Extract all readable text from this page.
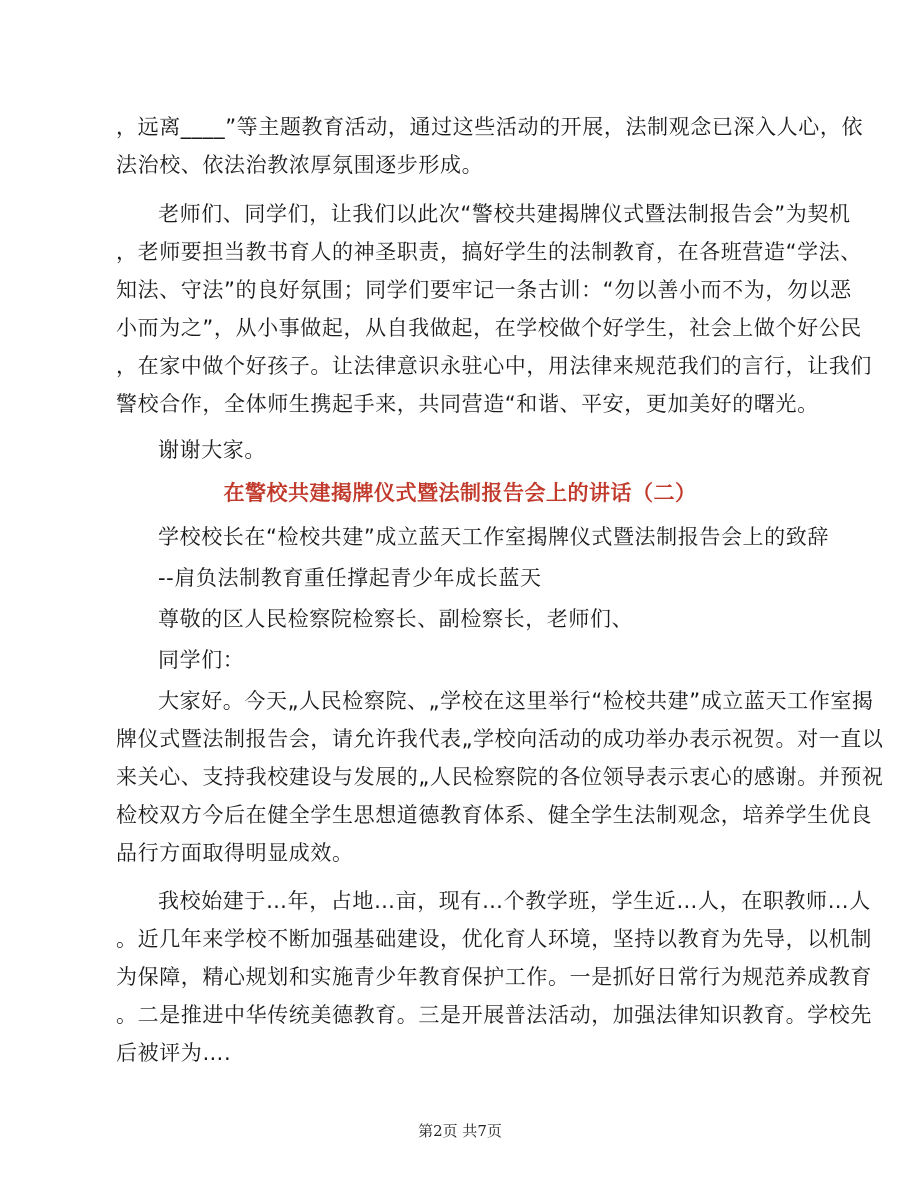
，远离____”等主题教育活动，通过这些活动的开展，法制观念已深入人心，依
法治校、依法治教浓厚氛围逐步形成。
老师们、同学们，让我们以此次“警校共建揭牌仪式暨法制报告会”为契机
，老师要担当教书育人的神圣职责，搞好学生的法制教育，在各班营造“学法、
知法、守法”的良好氛围；同学们要牢记一条古训：“勿以善小而不为，勿以恶
小而为之”，从小事做起，从自我做起，在学校做个好学生，社会上做个好公民
，在家中做个好孩子。让法律意识永驻心中，用法律来规范我们的言行，让我们
警校合作，全体师生携起手来，共同营造“和谐、平安，更加美好的曙光。
谢谢大家。
在警校共建揭牌仪式暨法制报告会上的讲话（二）
学校校长在“检校共建”成立蓝天工作室揭牌仪式暨法制报告会上的致辞
--肩负法制教育重任撑起青少年成长蓝天
尊敬的区人民检察院检察长、副检察长，老师们、
同学们：
大家好。今天„人民检察院、„学校在这里举行“检校共建”成立蓝天工作室揭
牌仪式暨法制报告会，请允许我代表„学校向活动的成功举办表示祝贺。对一直以
来关心、支持我校建设与发展的„人民检察院的各位领导表示衷心的感谢。并预祝
检校双方今后在健全学生思想道德教育体系、健全学生法制观念，培养学生优良
品行方面取得明显成效。
我校始建于…年，占地…亩，现有…个教学班，学生近…人，在职教师…人
。近几年来学校不断加强基础建设，优化育人环境，坚持以教育为先导，以机制
为保障，精心规划和实施青少年教育保护工作。一是抓好日常行为规范养成教育
。二是推进中华传统美德教育。三是开展普法活动，加强法律知识教育。学校先
后被评为….
第2页 共7页
